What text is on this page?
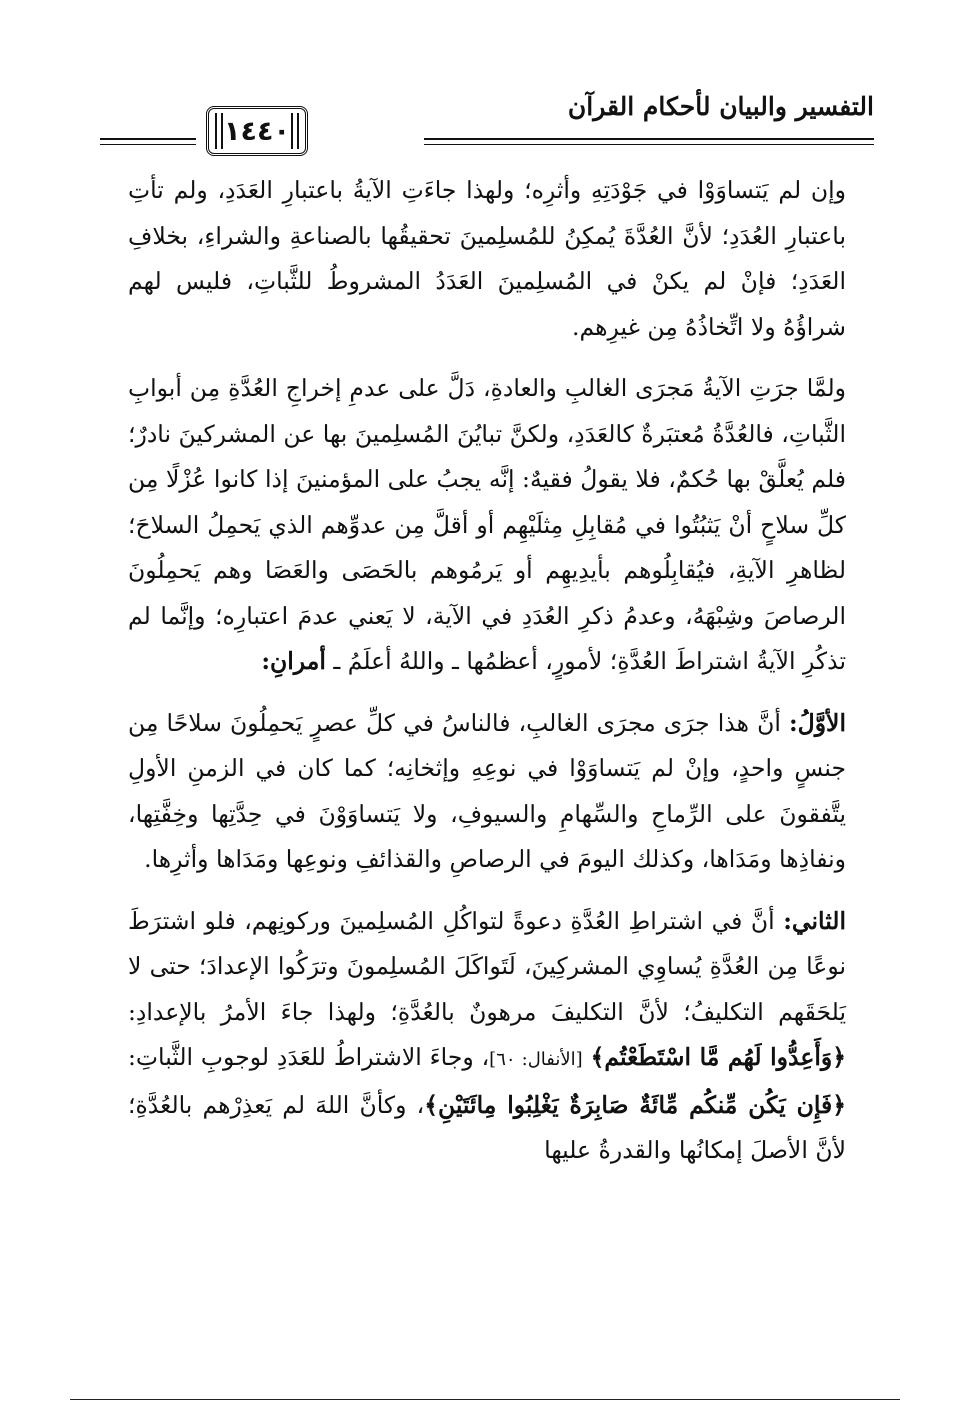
التفسير والبيان لأحكام القرآن
١٤٤٠

وإن لم يَتساوَوْا في جَوْدَتِهِ وأثرِه؛ ولهذا جاءَتِ الآيةُ باعتبارِ العَدَدِ، ولم تأتِ باعتبارِ العُدَدِ؛ لأنَّ العُدَّةَ يُمكِنُ للمُسلِمينَ تحقيقُها بالصناعةِ والشراءِ، بخلافِ العَدَدِ؛ فإنْ لم يكنْ في المُسلِمينَ العَدَدُ المشروطُ للثَّباتِ، فليس لهم شراؤُهُ ولا اتِّخاذُهُ مِن غيرِهم.

ولمَّا جرَتِ الآيةُ مَجرَى الغالبِ والعادةِ، دَلَّ على عدمِ إخراجِ العُدَّةِ مِن أبوابِ الثَّباتِ، فالعُدَّةُ مُعتبَرةٌ كالعَدَدِ، ولكنَّ تبايُنَ المُسلِمينَ بها عن المشركينَ نادرٌ؛ فلم يُعلَّقْ بها حُكمٌ، فلا يقولُ فقيهٌ: إنَّه يجبُ على المؤمنينَ إذا كانوا عُزْلًا مِن كلِّ سلاحٍ أنْ يَثبُتُوا في مُقابِلِ مِثلَيْهِم أو أقلَّ مِن عدوِّهم الذي يَحمِلُ السلاحَ؛ لظاهرِ الآيةِ، فيُقابِلُوهم بأيدِيهِم أو يَرمُوهم بالحَصَى والعَصَا وهم يَحمِلُونَ الرصاصَ وشِبْهَهُ، وعدمُ ذكرِ العُدَدِ في الآية، لا يَعني عدمَ اعتبارِه؛ وإنَّما لم تذكُرِ الآيةُ اشتراطَ العُدَّةِ؛ لأمورٍ، أعظمُها ـ واللهُ أعلَمُ ـ أمرانِ:

الأوَّلُ: أنَّ هذا جرَى مجرَى الغالبِ، فالناسُ في كلِّ عصرٍ يَحمِلُونَ سلاحًا مِن جنسٍ واحدٍ، وإنْ لم يَتساوَوْا في نوعِهِ وإثخانِه؛ كما كان في الزمنِ الأولِ يتَّفقونَ على الرِّماحِ والسِّهامِ والسيوفِ، ولا يَتساوَوْنَ في حِدَّتِها وخِفَّتِها، ونفاذِها ومَدَاها، وكذلك اليومَ في الرصاصِ والقذائفِ ونوعِها ومَدَاها وأثرِها.

الثاني: أنَّ في اشتراطِ العُدَّةِ دعوةً لتواكُلِ المُسلِمينَ وركونِهم، فلو اشترَطَ نوعًا مِن العُدَّةِ يُساوِي المشركِينَ، لَتَواكَلَ المُسلِمونَ وترَكُوا الإعدادَ؛ حتى لا يَلحَقَهم التكليفُ؛ لأنَّ التكليفَ مرهونٌ بالعُدَّةِ؛ ولهذا جاءَ الأمرُ بالإعدادِ: ﴿وَأَعِدُّوا لَهُم مَّا اسْتَطَعْتُم﴾ [الأنفال: ٦٠]، وجاءَ الاشتراطُ للعَدَدِ لوجوبِ الثَّباتِ: ﴿فَإِن يَكُن مِّنكُم مِّائَةٌ صَابِرَةٌ يَغْلِبُوا مِائَتَيْنِ﴾، وكأنَّ اللهَ لم يَعذِرْهم بالعُدَّةِ؛ لأنَّ الأصلَ إمكانُها والقدرةُ عليها
